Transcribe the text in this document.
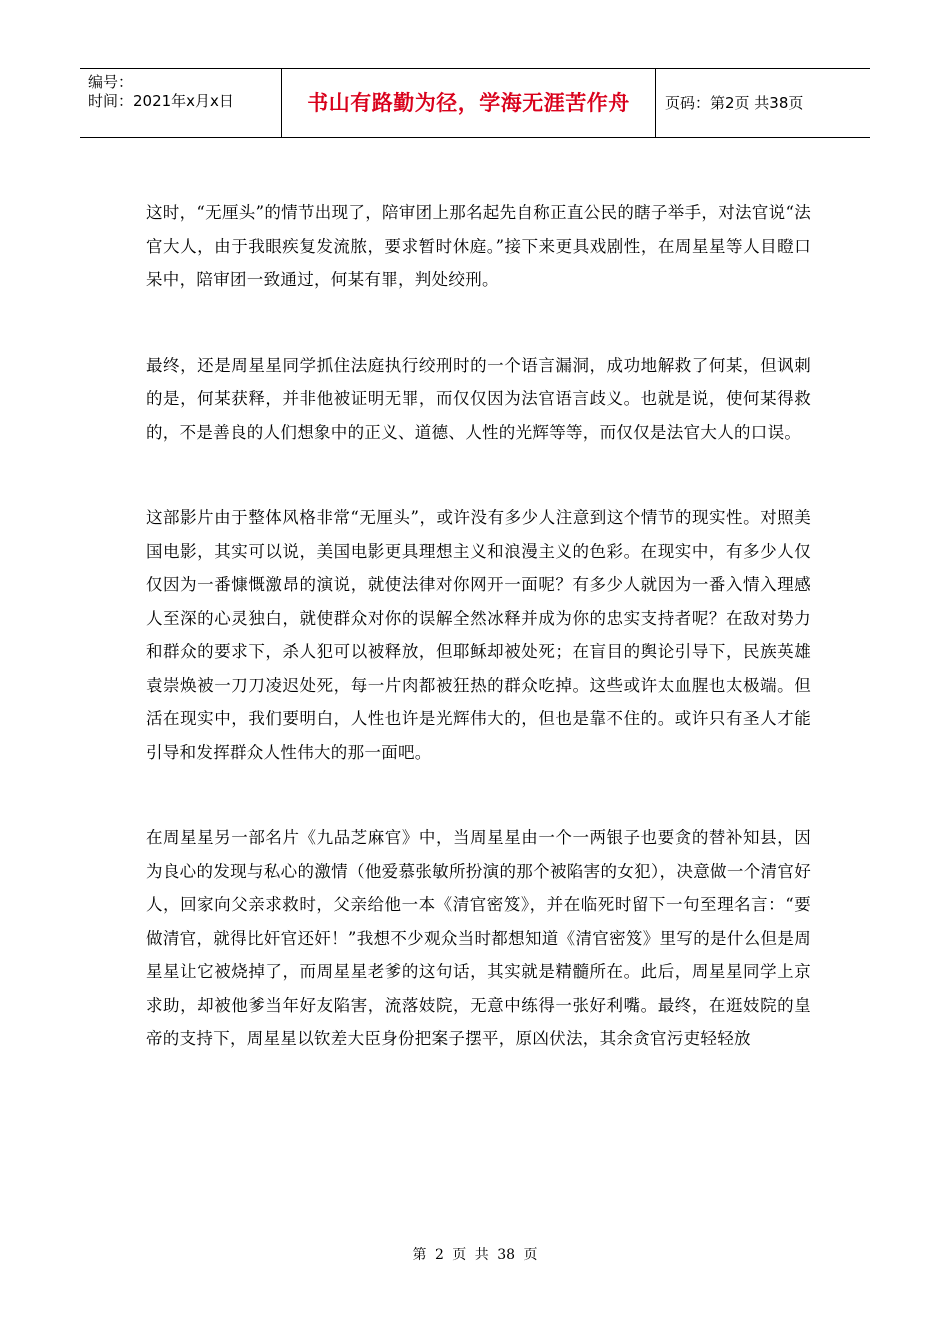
编号：
时间：2021年x月x日	书山有路勤为径，学海无涯苦作舟	页码：第2页 共38页

这时，“无厘头”的情节出现了，陪审团上那名起先自称正直公民的瞎子举手，对法官说“法官大人，由于我眼疾复发流脓，要求暂时休庭。”接下来更具戏剧性，在周星星等人目瞪口呆中，陪审团一致通过，何某有罪，判处绞刑。

最终，还是周星星同学抓住法庭执行绞刑时的一个语言漏洞，成功地解救了何某，但讽刺的是，何某获释，并非他被证明无罪，而仅仅因为法官语言歧义。也就是说，使何某得救的，不是善良的人们想象中的正义、道德、人性的光辉等等，而仅仅是法官大人的口误。

这部影片由于整体风格非常“无厘头”，或许没有多少人注意到这个情节的现实性。对照美国电影，其实可以说，美国电影更具理想主义和浪漫主义的色彩。在现实中，有多少人仅仅因为一番慷慨激昂的演说，就使法律对你网开一面呢？有多少人就因为一番入情入理感人至深的心灵独白，就使群众对你的误解全然冰释并成为你的忠实支持者呢？在敌对势力和群众的要求下，杀人犯可以被释放，但耶稣却被处死；在盲目的舆论引导下，民族英雄袁崇焕被一刀刀凌迟处死，每一片肉都被狂热的群众吃掉。这些或许太血腥也太极端。但活在现实中，我们要明白，人性也许是光辉伟大的，但也是靠不住的。或许只有圣人才能引导和发挥群众人性伟大的那一面吧。

在周星星另一部名片《九品芝麻官》中，当周星星由一个一两银子也要贪的替补知县，因为良心的发现与私心的激情（他爱慕张敏所扮演的那个被陷害的女犯），决意做一个清官好人，回家向父亲求救时，父亲给他一本《清官密笈》，并在临死时留下一句至理名言：“要做清官，就得比奸官还奸！”我想不少观众当时都想知道《清官密笈》里写的是什么但是周星星让它被烧掉了，而周星星老爹的这句话，其实就是精髓所在。此后，周星星同学上京求助，却被他爹当年好友陷害，流落妓院，无意中练得一张好利嘴。最终，在逛妓院的皇帝的支持下，周星星以钦差大臣身份把案子摆平，原凶伏法，其余贪官污吏轻轻放

第 2 页 共 38 页
